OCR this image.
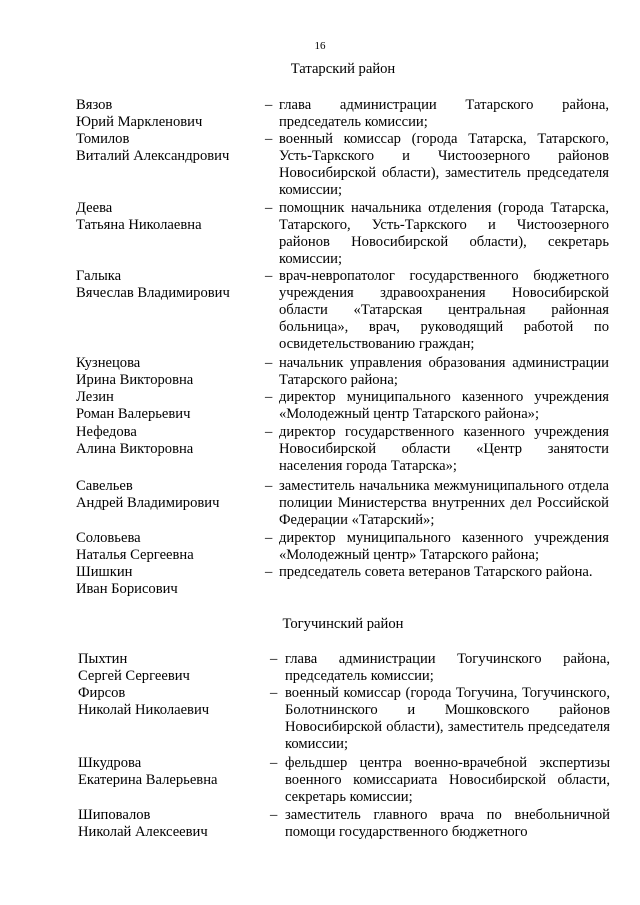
16
Татарский район
Вязов
Юрий Маркленович
– глава администрации Татарского района, председатель комиссии;
Томилов
Виталий Александрович
– военный комиссар (города Татарска, Татарского, Усть-Таркского и Чистоозерного районов Новосибирской области), заместитель председателя комиссии;
Деева
Татьяна Николаевна
– помощник начальника отделения (города Татарска, Татарского, Усть-Таркского и Чистоозерного районов Новосибирской области), секретарь комиссии;
Галыка
Вячеслав Владимирович
– врач-невропатолог государственного бюджетного учреждения здравоохранения Новосибирской области «Татарская центральная районная больница», врач, руководящий работой по освидетельствованию граждан;
Кузнецова
Ирина Викторовна
– начальник управления образования администрации Татарского района;
Лезин
Роман Валерьевич
– директор муниципального казенного учреждения «Молодежный центр Татарского района»;
Нефедова
Алина Викторовна
– директор государственного казенного учреждения Новосибирской области «Центр занятости населения города Татарска»;
Савельев
Андрей Владимирович
– заместитель начальника межмуниципального отдела полиции Министерства внутренних дел Российской Федерации «Татарский»;
Соловьева
Наталья Сергеевна
– директор муниципального казенного учреждения «Молодежный центр» Татарского района;
Шишкин
Иван Борисович
– председатель совета ветеранов Татарского района.
Тогучинский район
Пыхтин
Сергей Сергеевич
– глава администрации Тогучинского района, председатель комиссии;
Фирсов
Николай Николаевич
– военный комиссар (города Тогучина, Тогучинского, Болотнинского и Мошковского районов Новосибирской области), заместитель председателя комиссии;
Шкудрова
Екатерина Валерьевна
– фельдшер центра военно-врачебной экспертизы военного комиссариата Новосибирской области, секретарь комиссии;
Шиповалов
Николай Алексеевич
– заместитель главного врача по внебольничной помощи государственного бюджетного
